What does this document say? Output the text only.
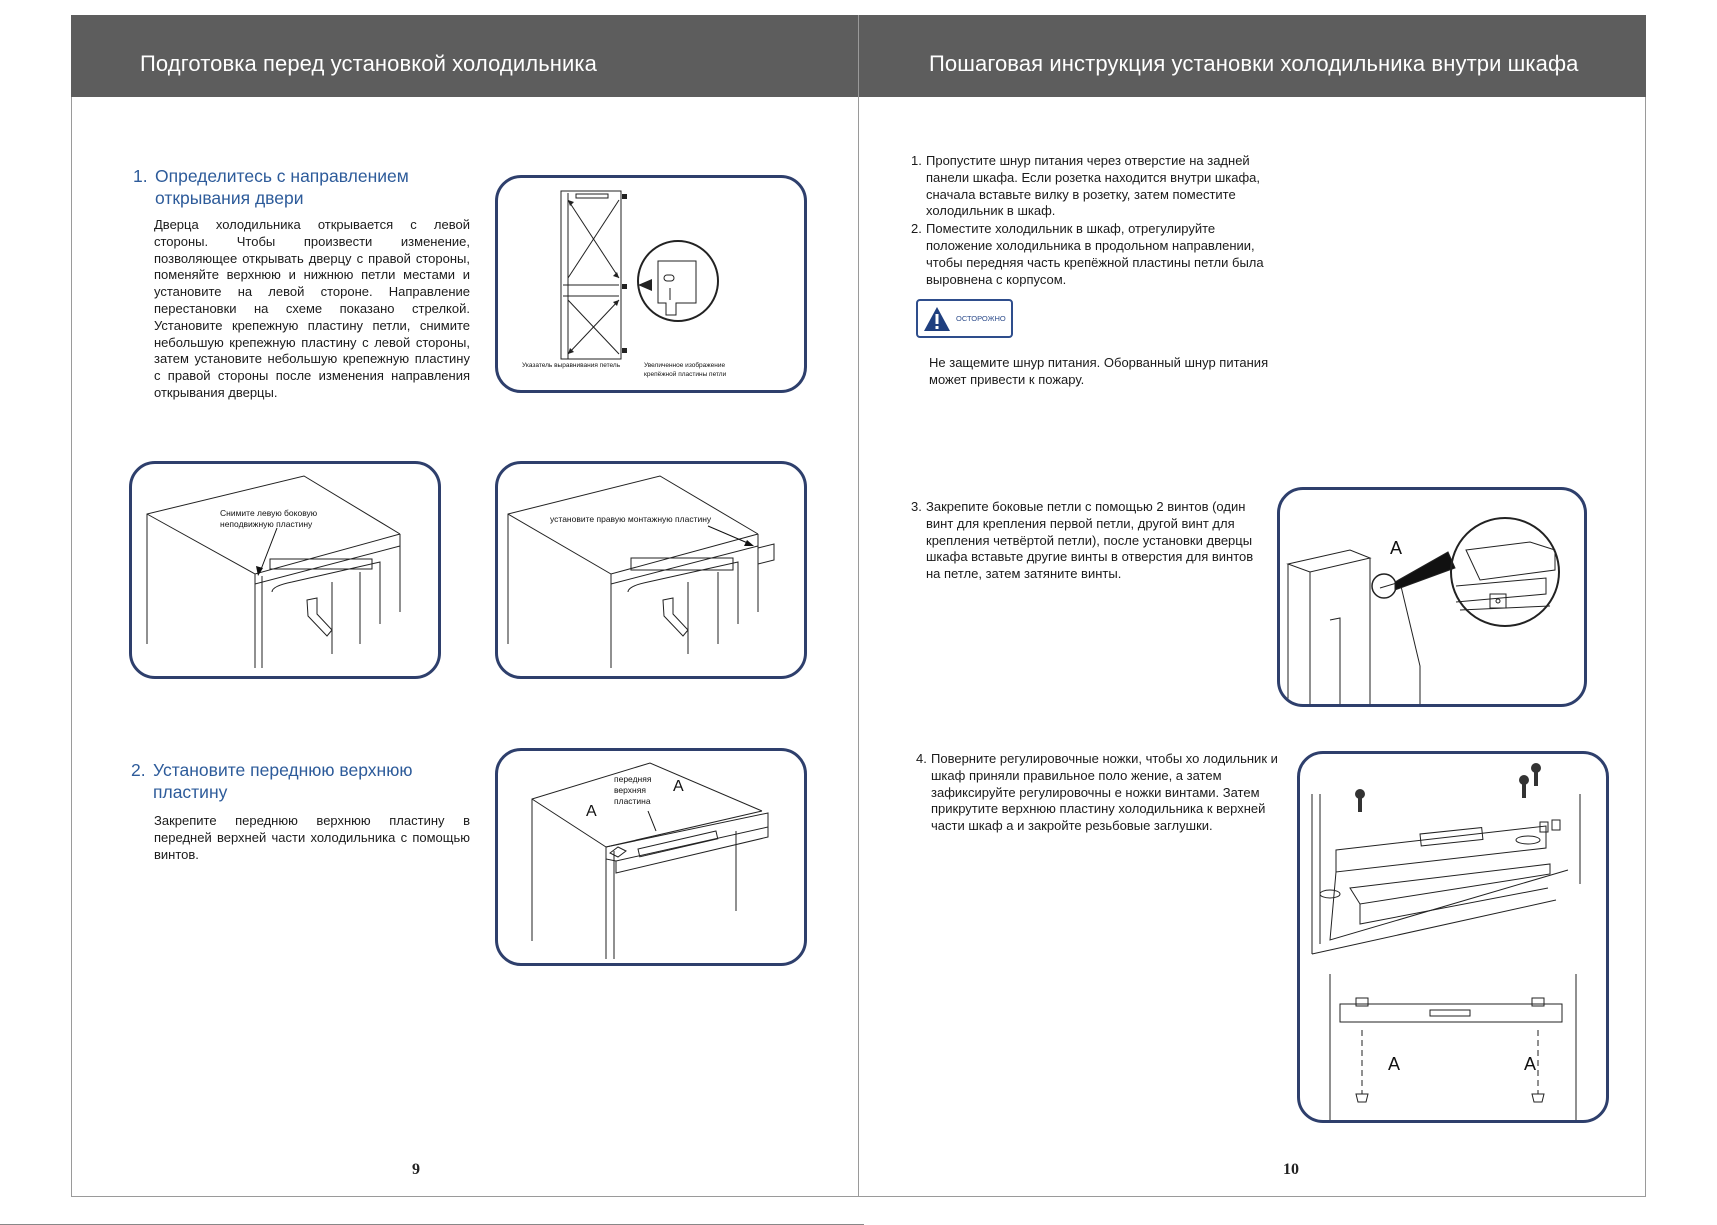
Подготовка перед установкой холодильника
1. Определитесь с направлением открывания двери

Дверца холодильника открывается с левой стороны. Чтобы произвести изменение, позволяющее открывать дверцу с правой стороны, поменяйте верхнюю и нижнюю петли местами и установите на левой стороне. Направление перестановки на схеме показано стрелкой. Установите крепежную пластину петли, снимите небольшую крепежную пластину с левой стороны, затем установите небольшую крепежную пластину с правой стороны после изменения направления открывания дверцы.

Указатель выравнивания петель	Увеличенное изображение
крепёжной пластины петли
Снимите левую боковую
неподвижную пластину	установите правую монтажную пластину
2. Установите переднюю верхнюю пластину

Закрепите переднюю верхнюю пластину в передней верхней части холодильника с помощью винтов.

передняя
верхняя
пластина
A
A
9
Пошаговая инструкция установки холодильника внутри шкафа
1. Пропустите шнур питания через отверстие на задней панели шкафа. Если розетка находится внутри шкафа, сначала вставьте вилку в розетку, затем поместите холодильник в шкаф.
2. Поместите холодильник в шкаф, отрегулируйте положение холодильника в продольном направлении, чтобы передняя часть крепёжной пластины петли была выровнена с корпусом.
ОСТОРОЖНО

Не защемите шнур питания. Оборванный шнур питания может привести к пожару.

3. Закрепите боковые петли с помощью 2 винтов (один винт для крепления первой петли, другой винт для крепления четвёртой петли), после установки дверцы шкафа вставьте другие винты в отверстия для винтов на петле, затем затяните винты.
A
4. Поверните регулировочные ножки, чтобы хо лодильник и шкаф приняли правильное поло жение, а затем зафиксируйте регулировочны е ножки винтами. Затем прикрутите верхнюю пластину холодильника к верхней части шкаф а и закройте резьбовые заглушки.
A	A
10
